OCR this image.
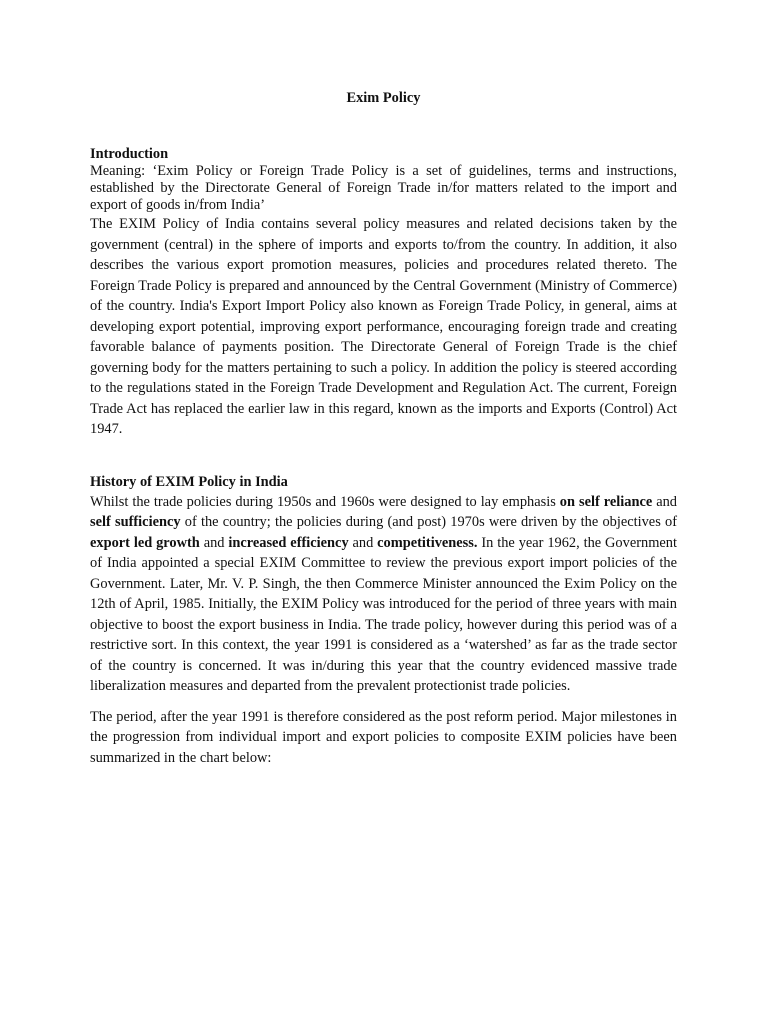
Exim Policy

Introduction

Meaning: ‘Exim Policy or Foreign Trade Policy is a set of guidelines, terms and instructions, established by the Directorate General of Foreign Trade in/for matters related to the import and export of goods in/from India’

The EXIM Policy of India contains several policy measures and related decisions taken by the government (central) in the sphere of imports and exports to/from the country. In addition, it also describes the various export promotion measures, policies and procedures related thereto. The Foreign Trade Policy is prepared and announced by the Central Government (Ministry of Commerce) of the country. India's Export Import Policy also known as Foreign Trade Policy, in general, aims at developing export potential, improving export performance, encouraging foreign trade and creating favorable balance of payments position. The Directorate General of Foreign Trade is the chief governing body for the matters pertaining to such a policy. In addition the policy is steered according to the regulations stated in the Foreign Trade Development and Regulation Act. The current, Foreign Trade Act has replaced the earlier law in this regard, known as the imports and Exports (Control) Act 1947.

History of EXIM Policy in India

Whilst the trade policies during 1950s and 1960s were designed to lay emphasis on self reliance and self sufficiency of the country; the policies during (and post) 1970s were driven by the objectives of export led growth and increased efficiency and competitiveness. In the year 1962, the Government of India appointed a special EXIM Committee to review the previous export import policies of the Government. Later, Mr. V. P. Singh, the then Commerce Minister announced the Exim Policy on the 12th of April, 1985. Initially, the EXIM Policy was introduced for the period of three years with main objective to boost the export business in India. The trade policy, however during this period was of a restrictive sort. In this context, the year 1991 is considered as a ‘watershed’ as far as the trade sector of the country is concerned. It was in/during this year that the country evidenced massive trade liberalization measures and departed from the prevalent protectionist trade policies.

The period, after the year 1991 is therefore considered as the post reform period. Major milestones in the progression from individual import and export policies to composite EXIM policies have been summarized in the chart below:
